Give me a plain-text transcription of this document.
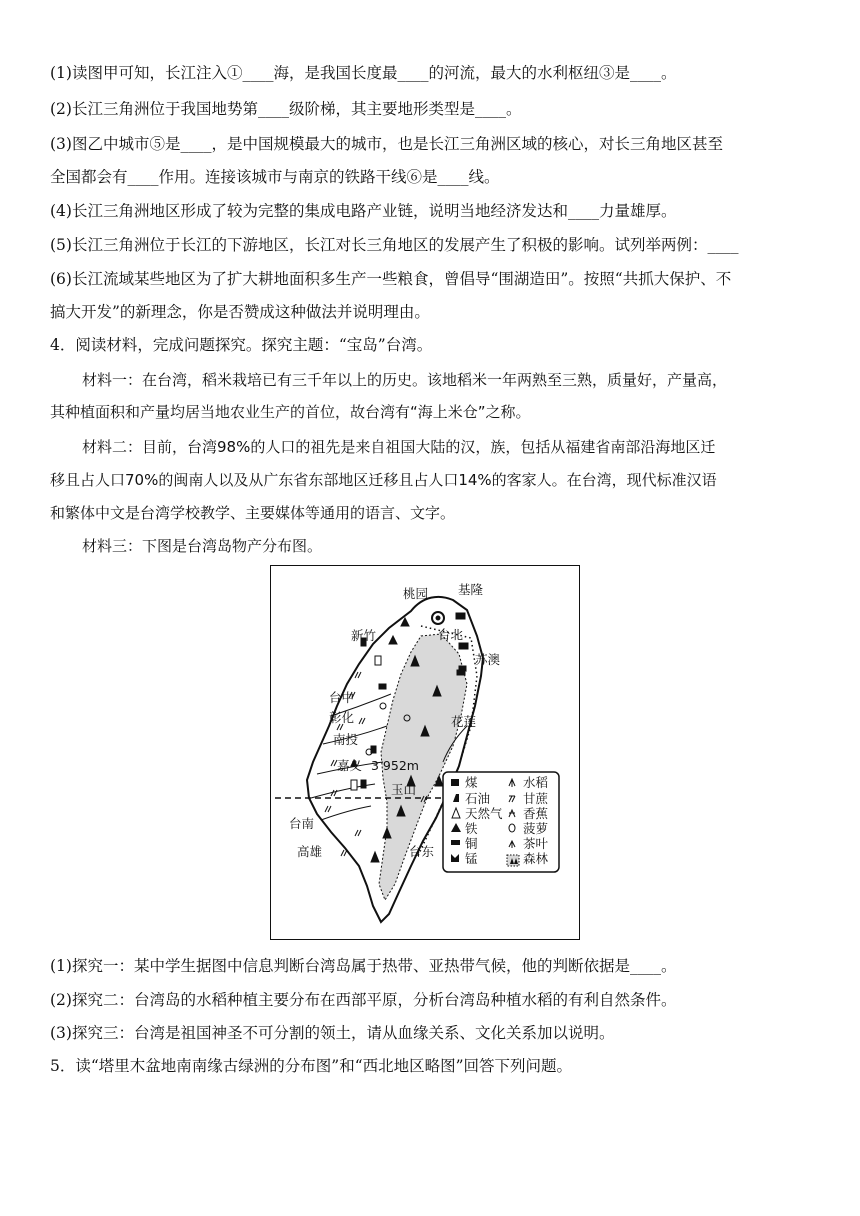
(1)读图甲可知，长江注入①____海，是我国长度最____的河流，最大的水利枢纽③是____。
(2)长江三角洲位于我国地势第____级阶梯，其主要地形类型是____。
(3)图乙中城市⑤是____，是中国规模最大的城市，也是长江三角洲区域的核心，对长三角地区甚至
全国都会有____作用。连接该城市与南京的铁路干线⑥是____线。
(4)长江三角洲地区形成了较为完整的集成电路产业链，说明当地经济发达和____力量雄厚。
(5)长江三角洲位于长江的下游地区，长江对长三角地区的发展产生了积极的影响。试列举两例：____
(6)长江流域某些地区为了扩大耕地面积多生产一些粮食，曾倡导“围湖造田”。按照“共抓大保护、不
搞大开发”的新理念，你是否赞成这种做法并说明理由。
4．阅读材料，完成问题探究。探究主题：“宝岛”台湾。
材料一：在台湾，稻米栽培已有三千年以上的历史。该地稻米一年两熟至三熟，质量好，产量高，
其种植面积和产量均居当地农业生产的首位，故台湾有“海上米仓”之称。
材料二：目前，台湾98%的人口的祖先是来自祖国大陆的汉，族，包括从福建省南部沿海地区迁
移且占人口70%的闽南人以及从广东省东部地区迁移且占人口14%的客家人。在台湾，现代标准汉语
和繁体中文是台湾学校教学、主要媒体等通用的语言、文字。
材料三：下图是台湾岛物产分布图。
桃园 基隆
台北
新竹
苏澳
台中
彰化
南投
花莲
嘉义 3 952m
玉山
台南
高雄	台东
煤
石油
天然气
铁
铜
锰
水稻
甘蔗
香蕉
菠萝
茶叶
森林
(1)探究一：某中学生据图中信息判断台湾岛属于热带、亚热带气候，他的判断依据是____。
(2)探究二：台湾岛的水稻种植主要分布在西部平原，分析台湾岛种植水稻的有利自然条件。
(3)探究三：台湾是祖国神圣不可分割的领土，请从血缘关系、文化关系加以说明。
5．读“塔里木盆地南南缘古绿洲的分布图”和“西北地区略图”回答下列问题。
